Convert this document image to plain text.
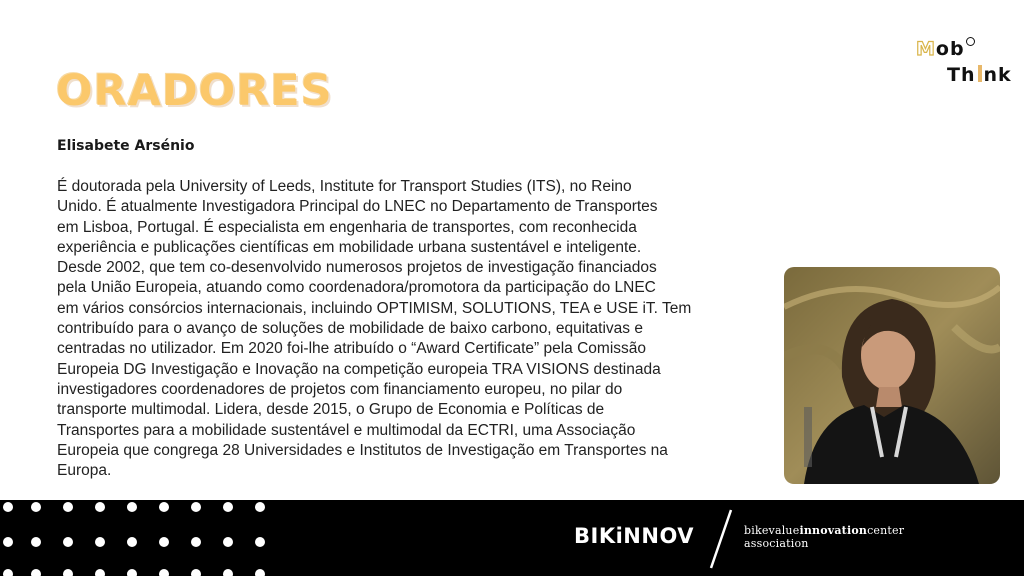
Mob
Th nk
ORADORES
Elisabete Arsénio
É doutorada pela University of Leeds, Institute for Transport Studies (ITS), no Reino
Unido. É atualmente Investigadora Principal do LNEC no Departamento de Transportes
em Lisboa, Portugal. É especialista em engenharia de transportes, com reconhecida
experiência e publicações científicas em mobilidade urbana sustentável e inteligente.
Desde 2002, que tem co-desenvolvido numerosos projetos de investigação financiados
pela União Europeia, atuando como coordenadora/promotora da participação do LNEC
em vários consórcios internacionais, incluindo OPTIMISM, SOLUTIONS, TEA e USE iT. Tem
contribuído para o avanço de soluções de mobilidade de baixo carbono, equitativas e
centradas no utilizador. Em 2020 foi-lhe atribuído o “Award Certificate” pela Comissão
Europeia DG Investigação e Inovação na competição europeia TRA VISIONS destinada
investigadores coordenadores de projetos com financiamento europeu, no pilar do
transporte multimodal. Lidera, desde 2015, o Grupo de Economia e Políticas de
Transportes para a mobilidade sustentável e multimodal da ECTRI, uma Associação
Europeia que congrega 28 Universidades e Institutos de Investigação em Transportes na
Europa.
BIKiNNOV	bikevalueinnovationcenter
association
